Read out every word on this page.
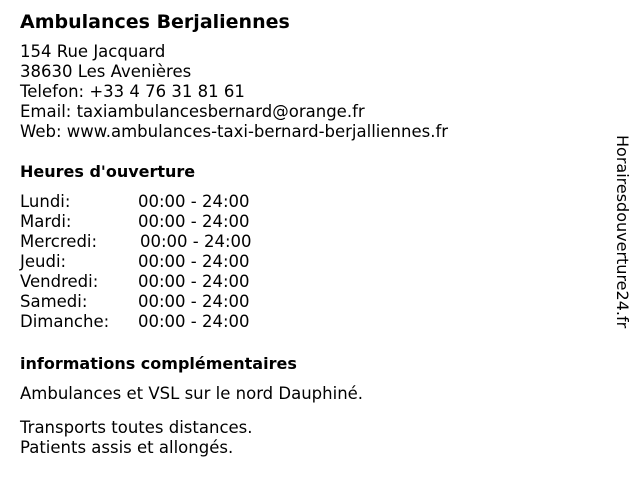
Ambulances Berjaliennes
154 Rue Jacquard
38630 Les Avenières
Telefon: +33 4 76 31 81 61
Email: taxiambulancesbernard@orange.fr
Web: www.ambulances-taxi-bernard-berjalliennes.fr
Heures d'ouverture
Lundi:	00:00 - 24:00
Mardi:	00:00 - 24:00
Mercredi:	00:00 - 24:00
Jeudi:	00:00 - 24:00
Vendredi: 00:00 - 24:00
Samedi:	00:00 - 24:00
Dimanche: 00:00 - 24:00
informations complémentaires
Ambulances et VSL sur le nord Dauphiné.
Transports toutes distances.
Patients assis et allongés.
Horairesdouverture24.fr
